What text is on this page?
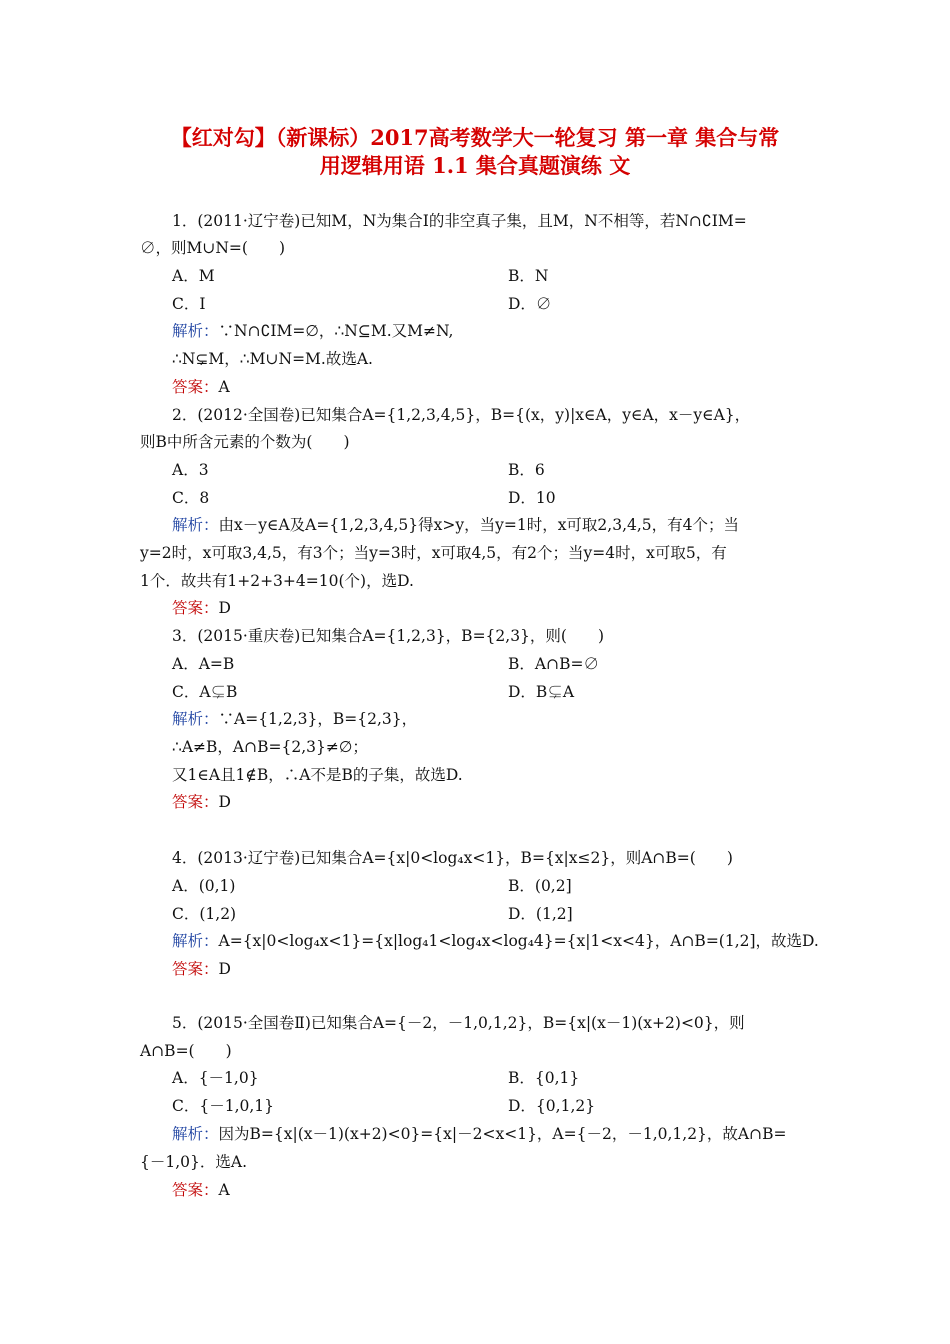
【红对勾】（新课标）2017高考数学大一轮复习 第一章 集合与常
用逻辑用语 1.1 集合真题演练 文
1．(2011·辽宁卷)已知M，N为集合I的非空真子集，且M，N不相等，若N∩∁IM=
∅，则M∪N=(　　)
A．M	B．N
C．I	D．∅
解析：∵N∩∁IM=∅，∴N⊆M.又M≠N,
∴N⊊M，∴M∪N=M.故选A.
答案：A
2．(2012·全国卷)已知集合A={1,2,3,4,5}，B={(x，y)|x∈A，y∈A，x－y∈A}，
则B中所含元素的个数为(　　)
A．3	B．6
C．8	D．10
解析：由x－y∈A及A={1,2,3,4,5}得x>y，当y=1时，x可取2,3,4,5，有4个；当
y=2时，x可取3,4,5，有3个；当y=3时，x可取4,5，有2个；当y=4时，x可取5，有
1个．故共有1+2+3+4=10(个)，选D.
答案：D
3．(2015·重庆卷)已知集合A={1,2,3}，B={2,3}，则(　　)
A．A=B	B．A∩B=∅
C．A⊊B	D．B⊊A
解析：∵A={1,2,3}，B={2,3}，
∴A≠B，A∩B={2,3}≠∅；
又1∈A且1∉B，∴A不是B的子集，故选D.
答案：D
4．(2013·辽宁卷)已知集合A={x|0<log₄x<1}，B={x|x≤2}，则A∩B=(　　)
A．(0,1)	B．(0,2]
C．(1,2)	D．(1,2]
解析：A={x|0<log₄x<1}={x|log₄1<log₄x<log₄4}={x|1<x<4}，A∩B=(1,2]，故选D.
答案：D
5．(2015·全国卷Ⅱ)已知集合A={－2，－1,0,1,2}，B={x|(x－1)(x+2)<0}，则
A∩B=(　　)
A．{－1,0}	B．{0,1}
C．{－1,0,1}	D．{0,1,2}
解析：因为B={x|(x－1)(x+2)<0}={x|－2<x<1}，A={－2，－1,0,1,2}，故A∩B=
{－1,0}．选A.
答案：A
